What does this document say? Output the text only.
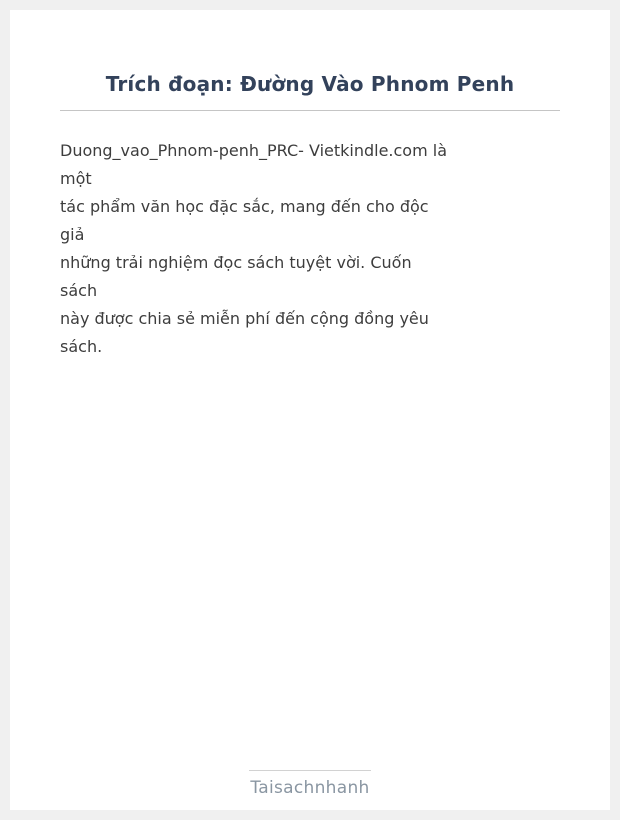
Trích đoạn: Đường Vào Phnom Penh

Duong_vao_Phnom-penh_PRC- Vietkindle.com là
một
tác phẩm văn học đặc sắc, mang đến cho độc
giả
những trải nghiệm đọc sách tuyệt vời. Cuốn
sách
này được chia sẻ miễn phí đến cộng đồng yêu
sách.

Taisachnhanh
